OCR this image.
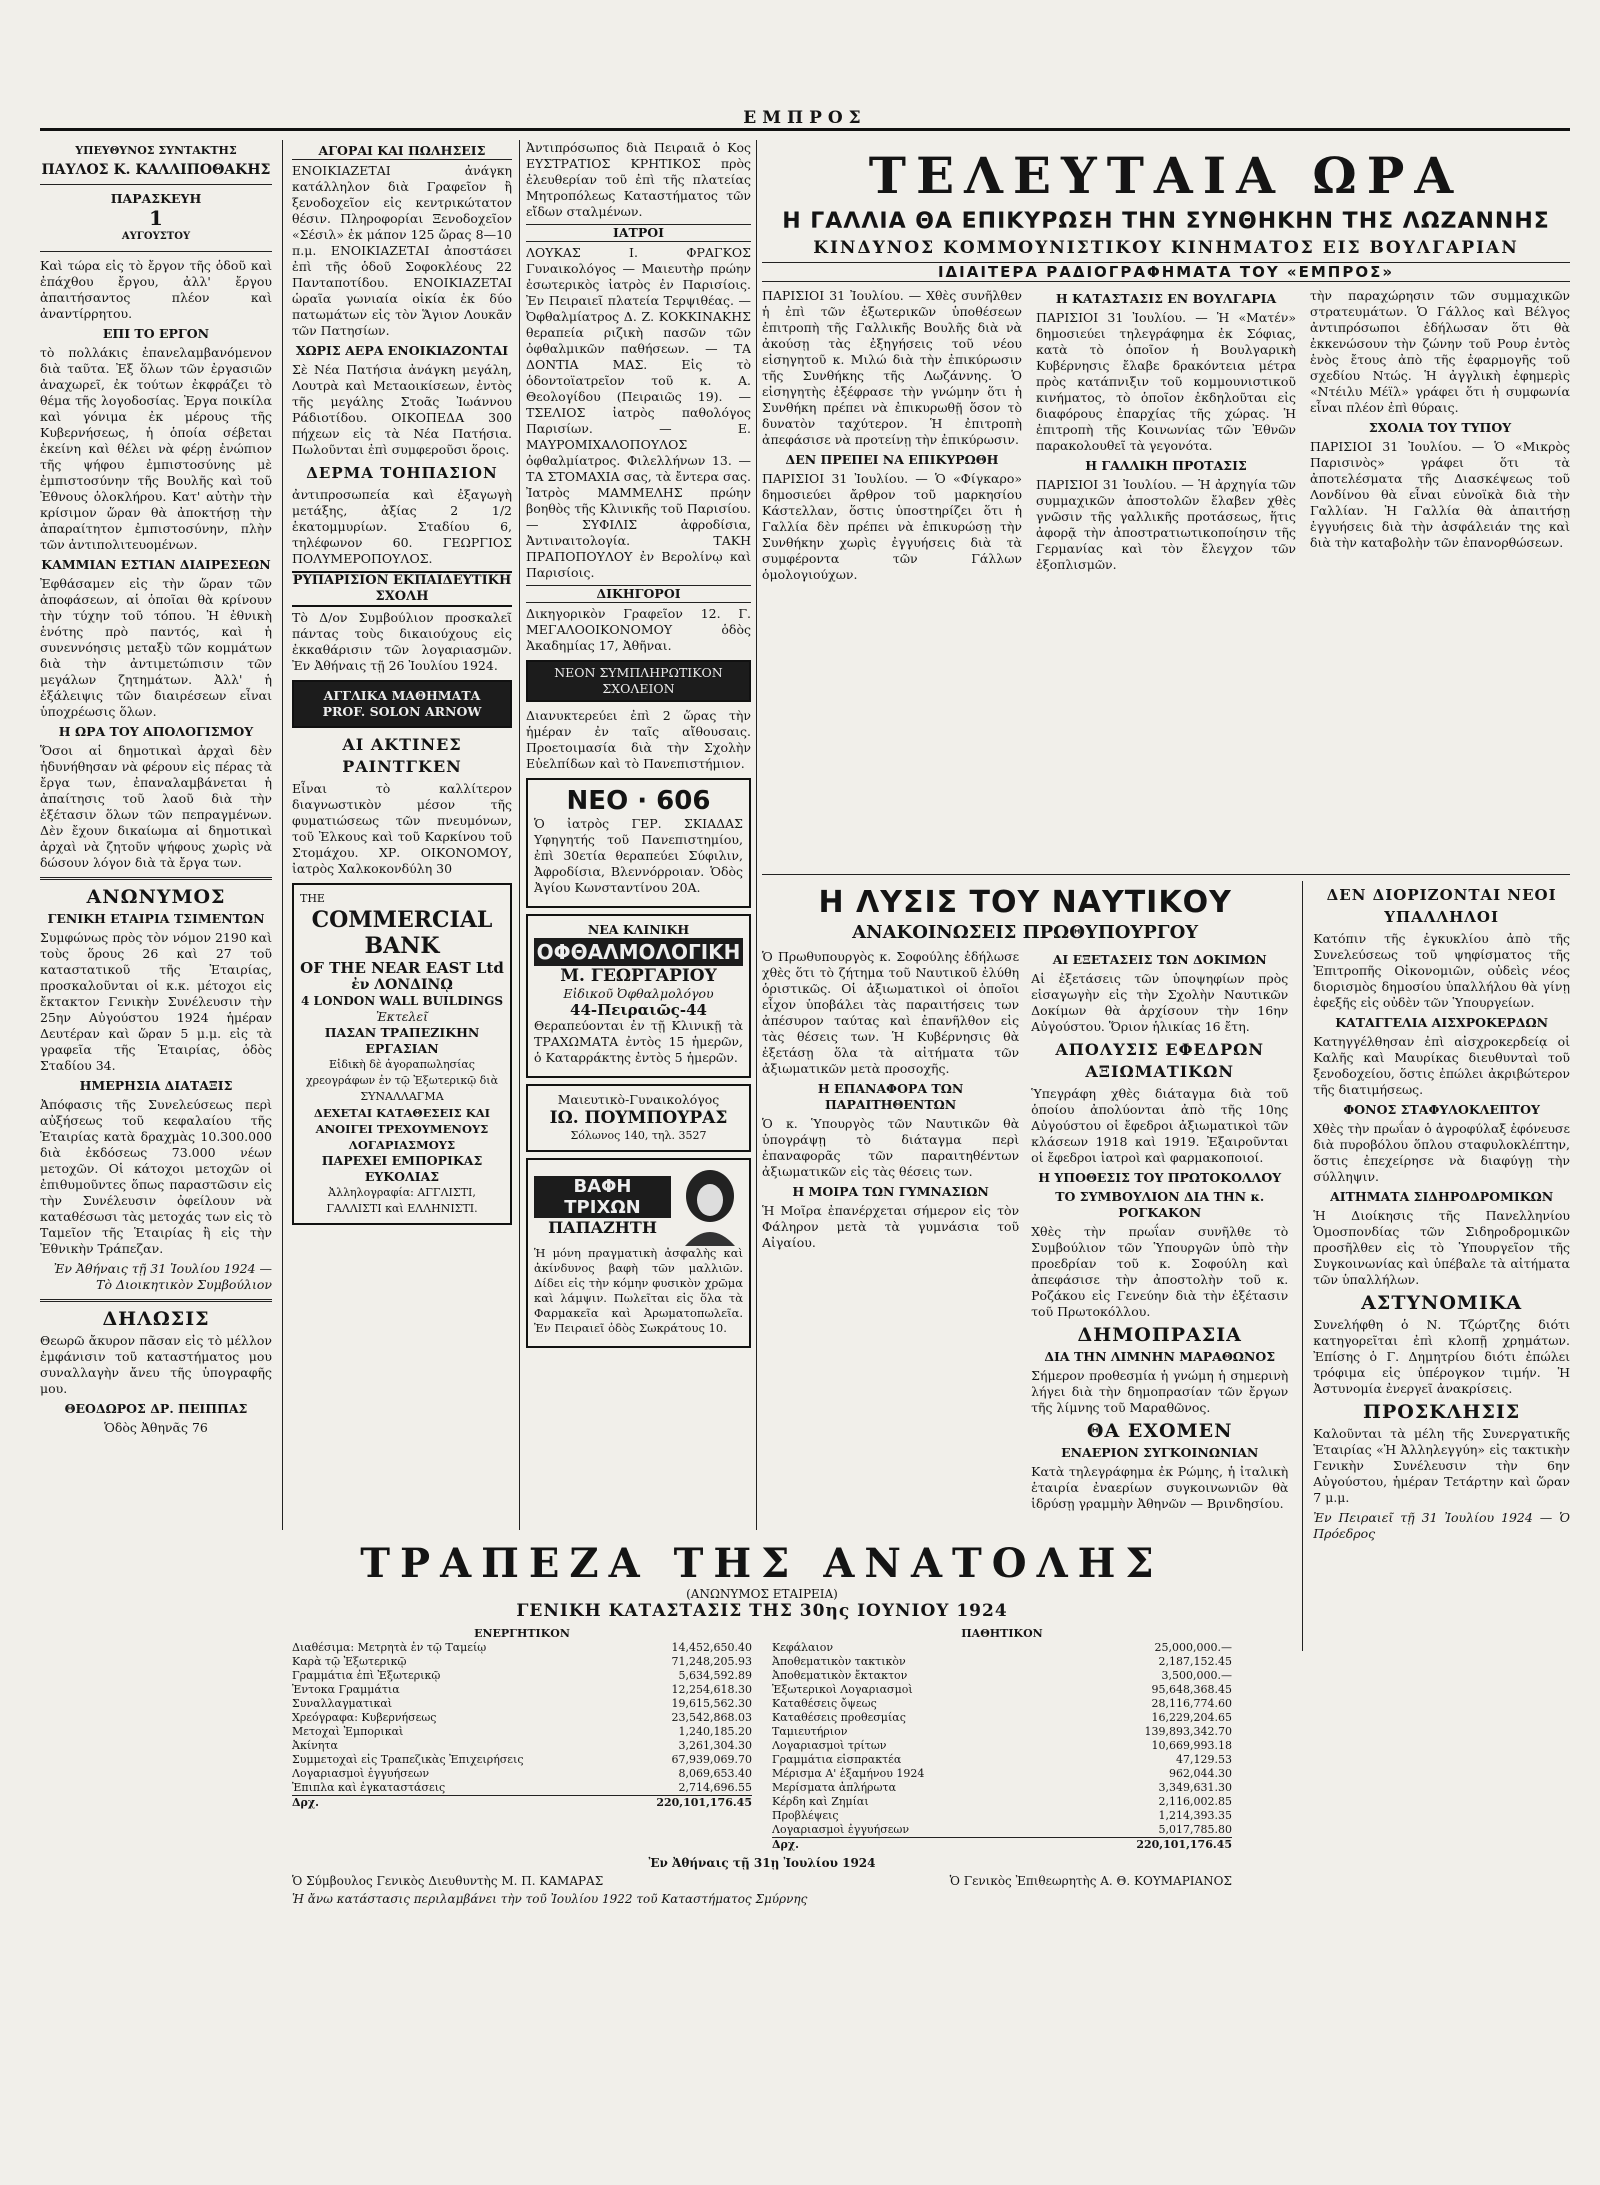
ΕΜΠΡΟΣ
ΥΠΕΥΘΥΝΟΣ ΣΥΝΤΑΚΤΗΣ
ΠΑΥΛΟΣ Κ. ΚΑΛΛΙΠΟΘΑΚΗΣ
ΠΑΡΑΣΚΕΥΗ
1
ΑΥΓΟΥΣΤΟΥ

Καὶ τώρα εἰς τὸ ἔργον τῆς ὁδοῦ καὶ ἐπάχθου ἔργου, ἀλλ' ἔργου ἀπαιτήσαντος πλέον καὶ ἀναντίρρητου.

ΕΠΙ ΤΟ ΕΡΓΟΝ

τὸ πολλάκις ἐπανελαμβανόμενον διὰ ταῦτα. Ἐξ ὅλων τῶν ἐργασιῶν ἀναχωρεῖ, ἐκ τούτων ἐκφράζει τὸ θέμα τῆς λογοδοσίας. Ἐργα ποικίλα καὶ γόνιμα ἐκ μέρους τῆς Κυβερνήσεως, ἡ ὁποία σέβεται ἐκείνη καὶ θέλει νὰ φέρῃ ἐνώπιον τῆς ψήφου ἐμπιστοσύνης μὲ ἐμπιστοσύνην τῆς Βουλῆς καὶ τοῦ Ἐθνους ὁλοκλήρου. Κατ' αὐτὴν τὴν κρίσιμον ὥραν θὰ ἀποκτήσῃ τὴν ἀπαραίτητον ἐμπιστοσύνην, πλὴν τῶν ἀντιπολιτευομένων.

ΚΑΜΜΙΑΝ ΕΣΤΙΑΝ ΔΙΑΙΡΕΣΕΩΝ

Ἐφθάσαμεν εἰς τὴν ὥραν τῶν ἀποφάσεων, αἱ ὁποῖαι θὰ κρίνουν τὴν τύχην τοῦ τόπου. Ἡ ἐθνικὴ ἑνότης πρὸ παντός, καὶ ἡ συνεννόησις μεταξὺ τῶν κομμάτων διὰ τὴν ἀντιμετώπισιν τῶν μεγάλων ζητημάτων. Ἀλλ' ἡ ἐξάλειψις τῶν διαιρέσεων εἶναι ὑποχρέωσις ὅλων.

Η ΩΡΑ ΤΟΥ ΑΠΟΛΟΓΙΣΜΟΥ

Ὅσοι αἱ δημοτικαὶ ἀρχαὶ δὲν ἠδυνήθησαν νὰ φέρουν εἰς πέρας τὰ ἔργα των, ἐπαναλαμβάνεται ἡ ἀπαίτησις τοῦ λαοῦ διὰ τὴν ἐξέτασιν ὅλων τῶν πεπραγμένων. Δὲν ἔχουν δικαίωμα αἱ δημοτικαὶ ἀρχαὶ νὰ ζητοῦν ψήφους χωρὶς νὰ δώσουν λόγον διὰ τὰ ἔργα των.

ΑΝΩΝΥΜΟΣ
ΓΕΝΙΚΗ ΕΤΑΙΡΙΑ ΤΣΙΜΕΝΤΩΝ

Συμφώνως πρὸς τὸν νόμον 2190 καὶ τοὺς ὅρους 26 καὶ 27 τοῦ καταστατικοῦ τῆς Ἑταιρίας, προσκαλοῦνται οἱ κ.κ. μέτοχοι εἰς ἔκτακτον Γενικὴν Συνέλευσιν τὴν 25ην Αὐγούστου 1924 ἡμέραν Δευτέραν καὶ ὥραν 5 μ.μ. εἰς τὰ γραφεῖα τῆς Ἑταιρίας, ὁδὸς Σταδίου 34.

ΗΜΕΡΗΣΙΑ ΔΙΑΤΑΞΙΣ

Ἀπόφασις τῆς Συνελεύσεως περὶ αὐξήσεως τοῦ κεφαλαίου τῆς Ἑταιρίας κατὰ δραχμὰς 10.300.000 διὰ ἐκδόσεως 73.000 νέων μετοχῶν. Οἱ κάτοχοι μετοχῶν οἱ ἐπιθυμοῦντες ὅπως παραστῶσιν εἰς τὴν Συνέλευσιν ὀφείλουν νὰ καταθέσωσι τὰς μετοχάς των εἰς τὸ Ταμεῖον τῆς Ἑταιρίας ἢ εἰς τὴν Ἐθνικὴν Τράπεζαν.

Ἐν Ἀθήναις τῇ 31 Ἰουλίου 1924 — Τὸ Διοικητικὸν Συμβούλιον

ΔΗΛΩΣΙΣ

Θεωρῶ ἄκυρον πᾶσαν εἰς τὸ μέλλον ἐμφάνισιν τοῦ καταστήματος μου συναλλαγὴν ἄνευ τῆς ὑπογραφῆς μου.

ΘΕΟΔΩΡΟΣ ΔΡ. ΠΕΙΠΠΑΣ
Ὁδὸς Ἀθηνᾶς 76
ΑΓΟΡΑΙ ΚΑΙ ΠΩΛΗΣΕΙΣ

ΕΝΟΙΚΙΑΖΕΤΑΙ ἀνάγκη κατάλληλον διὰ Γραφεῖον ἢ ξενοδοχεῖον εἰς κεντρικώτατον θέσιν. Πληροφορίαι Ξενοδοχεῖον «Σέσιλ» ἐκ μάπον 125 ὥρας 8—10 π.μ. ΕΝΟΙΚΙΑΖΕΤΑΙ ἀποστάσει ἐπὶ τῆς ὁδοῦ Σοφοκλέους 22 Πανταποτίδου. ΕΝΟΙΚΙΑΖΕΤΑΙ ὡραῖα γωνιαία οἰκία ἐκ δύο πατωμάτων εἰς τὸν Ἅγιον Λουκᾶν τῶν Πατησίων.

ΧΩΡΙΣ ΑΕΡΑ ΕΝΟΙΚΙΑΖΟΝΤΑΙ

Σὲ Νέα Πατήσια ἀνάγκη μεγάλη, Λουτρὰ καὶ Μεταοικίσεων, ἐντὸς τῆς μεγάλης Στοᾶς Ἰωάννου Ράδιοτίδου. ΟΙΚΟΠΕΔΑ 300 πήχεων εἰς τὰ Νέα Πατήσια. Πωλοῦνται ἐπὶ συμφεροῦσι ὅροις.

ΔΕΡΜΑ ΤΟΗΠΑΣΙΟΝ

ἀντιπροσωπεία καὶ ἐξαγωγὴ μετάξης, ἀξίας 2 1/2 ἑκατομμυρίων. Σταδίου 6, τηλέφωνον 60. ΓΕΩΡΓΙΟΣ ΠΟΛΥΜΕΡΟΠΟΥΛΟΣ.

ΡΥΠΑΡΙΣΙΟΝ ΕΚΠΑΙΔΕΥΤΙΚΗ ΣΧΟΛΗ

Τὸ Δ/ον Συμβούλιον προσκαλεῖ πάντας τοὺς δικαιούχους εἰς ἐκκαθάρισιν τῶν λογαριασμῶν. Ἐν Ἀθήναις τῇ 26 Ἰουλίου 1924.

ΑΓΓΛΙΚΑ ΜΑΘΗΜΑΤΑ
PROF. SOLON ARNOW
ΑΙ ΑΚΤΙΝΕΣ ΡΑΙΝΤΓΚΕΝ

Εἶναι τὸ καλλίτερον διαγνωστικὸν μέσον τῆς φυματιώσεως τῶν πνευμόνων, τοῦ Ἐλκους καὶ τοῦ Καρκίνου τοῦ Στομάχου. ΧΡ. ΟΙΚΟΝΟΜΟΥ, ἰατρὸς Χαλκοκονδύλη 30

THE
COMMERCIAL BANK
OF THE NEAR EAST Ltd
ἐν ΛΟΝΔΙΝῼ
4 LONDON WALL BUILDINGS
Ἐκτελεῖ
ΠΑΣΑΝ ΤΡΑΠΕΖΙΚΗΝ ΕΡΓΑΣΙΑΝ
Εἰδικὴ δὲ ἀγοραπωλησίας χρεογράφων ἐν τῷ Ἐξωτερικῷ διὰ ΣΥΝΑΛΛΑΓΜΑ
ΔΕΧΕΤΑΙ ΚΑΤΑΘΕΣΕΙΣ ΚΑΙ ΑΝΟΙΓΕΙ ΤΡΕΧΟΥΜΕΝΟΥΣ ΛΟΓΑΡΙΑΣΜΟΥΣ
ΠΑΡΕΧΕΙ ΕΜΠΟΡΙΚΑΣ ΕΥΚΟΛΙΑΣ
Ἀλληλογραφία: ΑΓΓΛΙΣΤΙ, ΓΑΛΛΙΣΤΙ καὶ ΕΛΛΗΝΙΣΤΙ.

Ἀντιπρόσωπος διὰ Πειραιᾶ ὁ Κος ΕΥΣΤΡΑΤΙΟΣ ΚΡΗΤΙΚΟΣ πρὸς ἐλευθερίαν τοῦ ἐπὶ τῆς πλατείας Μητροπόλεως Καταστήματος τῶν εἴδων σταλμένων.

ΙΑΤΡΟΙ

ΛΟΥΚΑΣ Ι. ΦΡΑΓΚΟΣ Γυναικολόγος — Μαιευτὴρ πρώην ἐσωτερικὸς ἰατρὸς ἐν Παρισίοις. Ἐν Πειραιεῖ πλατεία Τερψιθέας. — Ὀφθαλμίατρος Δ. Ζ. ΚΟΚΚΙΝΑΚΗΣ θεραπεία ριζικὴ πασῶν τῶν ὀφθαλμικῶν παθήσεων. — ΤΑ ΔΟΝΤΙΑ ΜΑΣ. Εἰς τὸ ὁδοντοϊατρεῖον τοῦ κ. Α. Θεολογίδου (Πειραιῶς 19). — ΤΣΕΛΙΟΣ ἰατρὸς παθολόγος Παρισίων. — Ε. ΜΑΥΡΟΜΙΧΑΛΟΠΟΥΛΟΣ ὀφθαλμίατρος. Φιλελλήνων 13. — ΤΑ ΣΤΟΜΑΧΙΑ σας, τὰ ἔντερα σας. Ἰατρὸς ΜΑΜΜΕΛΗΣ πρώην βοηθὸς τῆς Κλινικῆς τοῦ Παρισίου. — ΣΥΦΙΛΙΣ ἀφροδίσια, Ἀντιναιτολογία. ΤΑΚΗ ΠΡΑΠΟΠΟΥΛΟΥ ἐν Βερολίνῳ καὶ Παρισίοις.

ΔΙΚΗΓΟΡΟΙ

Δικηγορικὸν Γραφεῖον 12. Γ. ΜΕΓΑΛΟΟΙΚΟΝΟΜΟΥ ὁδὸς Ἀκαδημίας 17, Ἀθῆναι.

ΝΕΟΝ ΣΥΜΠΛΗΡΩΤΙΚΟΝ ΣΧΟΛΕΙΟΝ

Διανυκτερεύει ἐπὶ 2 ὥρας τὴν ἡμέραν ἐν ταῖς αἴθουσαις. Προετοιμασία διὰ τὴν Σχολὴν Εὐελπίδων καὶ τὸ Πανεπιστήμιον.

ΝΕΟ · 606
Ὁ ἰατρὸς ΓΕΡ. ΣΚΙΑΔΑΣ Υφηγητής τοῦ Πανεπιστημίου, ἐπὶ 30ετία θεραπεύει Σύφιλιν, Ἀφροδίσια, Βλεννόρροιαν. Ὁδὸς Ἀγίου Κωνσταντίνου 20Α.
ΝΕΑ ΚΛΙΝΙΚΗ
ΟΦΘΑΛΜΟΛΟΓΙΚΗ
Μ. ΓΕΩΡΓΑΡΙΟΥ
Εἰδικοῦ Ὀφθαλμολόγου
44-Πειραιῶς-44
Θεραπεύονται ἐν τῇ Κλινικῇ τὰ ΤΡΑΧΩΜΑΤΑ ἐντὸς 15 ἡμερῶν, ὁ Καταρράκτης ἐντὸς 5 ἡμερῶν.
Μαιευτικὸ-Γυναικολόγος
ΙΩ. ΠΟΥΜΠΟΥΡΑΣ
Σόλωνος 140, τηλ. 3527
ΒΑΦΗ ΤΡΙΧΩΝ
ΠΑΠΑΖΗΤΗ
Ἡ μόνη πραγματικὴ ἀσφαλὴς καὶ ἀκίνδυνος βαφὴ τῶν μαλλιῶν. Δίδει εἰς τὴν κόμην φυσικὸν χρῶμα καὶ λάμψιν. Πωλεῖται εἰς ὅλα τὰ Φαρμακεῖα καὶ Ἀρωματοπωλεῖα. Ἐν Πειραιεῖ ὁδὸς Σωκράτους 10.
ΤΕΛΕΥΤΑΙΑ ΩΡΑ
Η ΓΑΛΛΙΑ ΘΑ ΕΠΙΚΥΡΩΣΗ ΤΗΝ ΣΥΝΘΗΚΗΝ ΤΗΣ ΛΩΖΑΝΝΗΣ
ΚΙΝΔΥΝΟΣ ΚΟΜΜΟΥΝΙΣΤΙΚΟΥ ΚΙΝΗΜΑΤΟΣ ΕΙΣ ΒΟΥΛΓΑΡΙΑΝ
ΙΔΙΑΙΤΕΡΑ ΡΑΔΙΟΓΡΑΦΗΜΑΤΑ ΤΟΥ «ΕΜΠΡΟΣ»

ΠΑΡΙΣΙΟΙ 31 Ἰουλίου. — Χθὲς συνῆλθεν ἡ ἐπὶ τῶν ἐξωτερικῶν ὑποθέσεων ἐπιτροπὴ τῆς Γαλλικῆς Βουλῆς διὰ νὰ ἀκούσῃ τὰς ἐξηγήσεις τοῦ νέου εἰσηγητοῦ κ. Μιλώ διὰ τὴν ἐπικύρωσιν τῆς Συνθήκης τῆς Λωζάννης. Ὁ εἰσηγητὴς ἐξέφρασε τὴν γνώμην ὅτι ἡ Συνθήκη πρέπει νὰ ἐπικυρωθῇ ὅσον τὸ δυνατὸν ταχύτερον. Ἡ ἐπιτροπὴ ἀπεφάσισε νὰ προτείνῃ τὴν ἐπικύρωσιν.

ΔΕΝ ΠΡΕΠΕΙ ΝΑ ΕΠΙΚΥΡΩΘΗ

ΠΑΡΙΣΙΟΙ 31 Ἰουλίου. — Ὁ «Φίγκαρο» δημοσιεύει ἄρθρον τοῦ μαρκησίου Κάστελλαν, ὅστις ὑποστηρίζει ὅτι ἡ Γαλλία δὲν πρέπει νὰ ἐπικυρώσῃ τὴν Συνθήκην χωρὶς ἐγγυήσεις διὰ τὰ συμφέροντα τῶν Γάλλων ὁμολογιούχων.

Η ΚΑΤΑΣΤΑΣΙΣ ΕΝ ΒΟΥΛΓΑΡΙΑ

ΠΑΡΙΣΙΟΙ 31 Ἰουλίου. — Ἡ «Ματέν» δημοσιεύει τηλεγράφημα ἐκ Σόφιας, κατὰ τὸ ὁποῖον ἡ Βουλγαρικὴ Κυβέρνησις ἔλαβε δρακόντεια μέτρα πρὸς κατάπνιξιν τοῦ κομμουνιστικοῦ κινήματος, τὸ ὁποῖον ἐκδηλοῦται εἰς διαφόρους ἐπαρχίας τῆς χώρας. Ἡ ἐπιτροπὴ τῆς Κοινωνίας τῶν Ἐθνῶν παρακολουθεῖ τὰ γεγονότα.

Η ΓΑΛΛΙΚΗ ΠΡΟΤΑΣΙΣ

ΠΑΡΙΣΙΟΙ 31 Ἰουλίου. — Ἡ ἀρχηγία τῶν συμμαχικῶν ἀποστολῶν ἔλαβεν χθὲς γνῶσιν τῆς γαλλικῆς προτάσεως, ἥτις ἀφορᾷ τὴν ἀποστρατιωτικοποίησιν τῆς Γερμανίας καὶ τὸν ἔλεγχον τῶν ἐξοπλισμῶν.

τὴν παραχώρησιν τῶν συμμαχικῶν στρατευμάτων. Ὁ Γάλλος καὶ Βέλγος ἀντιπρόσωποι ἐδήλωσαν ὅτι θὰ ἐκκενώσουν τὴν ζώνην τοῦ Ρουρ ἐντὸς ἑνὸς ἔτους ἀπὸ τῆς ἐφαρμογῆς τοῦ σχεδίου Ντώς. Ἡ ἀγγλικὴ ἐφημερὶς «Ντέιλυ Μέϊλ» γράφει ὅτι ἡ συμφωνία εἶναι πλέον ἐπὶ θύραις.

ΣΧΟΛΙΑ ΤΟΥ ΤΥΠΟΥ

ΠΑΡΙΣΙΟΙ 31 Ἰουλίου. — Ὁ «Μικρὸς Παρισινὸς» γράφει ὅτι τὰ ἀποτελέσματα τῆς Διασκέψεως τοῦ Λονδίνου θὰ εἶναι εὐνοϊκὰ διὰ τὴν Γαλλίαν. Ἡ Γαλλία θὰ ἀπαιτήσῃ ἐγγυήσεις διὰ τὴν ἀσφάλειάν της καὶ διὰ τὴν καταβολὴν τῶν ἐπανορθώσεων.

Η ΛΥΣΙΣ ΤΟΥ ΝΑΥΤΙΚΟΥ
ΑΝΑΚΟΙΝΩΣΕΙΣ ΠΡΩΘΥΠΟΥΡΓΟΥ

Ὁ Πρωθυπουργὸς κ. Σοφούλης ἐδήλωσε χθὲς ὅτι τὸ ζήτημα τοῦ Ναυτικοῦ ἐλύθη ὁριστικῶς. Οἱ ἀξιωματικοὶ οἱ ὁποῖοι εἶχον ὑποβάλει τὰς παραιτήσεις των ἀπέσυρον ταύτας καὶ ἐπανῆλθον εἰς τὰς θέσεις των. Ἡ Κυβέρνησις θὰ ἐξετάσῃ ὅλα τὰ αἰτήματα τῶν ἀξιωματικῶν μετὰ προσοχῆς.

Η ΕΠΑΝΑΦΟΡΑ ΤΩΝ ΠΑΡΑΙΤΗΘΕΝΤΩΝ

Ὁ κ. Ὑπουργὸς τῶν Ναυτικῶν θὰ ὑπογράψῃ τὸ διάταγμα περὶ ἐπαναφορᾶς τῶν παραιτηθέντων ἀξιωματικῶν εἰς τὰς θέσεις των.

Η ΜΟΙΡΑ ΤΩΝ ΓΥΜΝΑΣΙΩΝ

Ἡ Μοῖρα ἐπανέρχεται σήμερον εἰς τὸν Φάληρον μετὰ τὰ γυμνάσια τοῦ Αἰγαίου.

ΑΙ ΕΞΕΤΑΣΕΙΣ ΤΩΝ ΔΟΚΙΜΩΝ

Αἱ ἐξετάσεις τῶν ὑποψηφίων πρὸς εἰσαγωγὴν εἰς τὴν Σχολὴν Ναυτικῶν Δοκίμων θὰ ἀρχίσουν τὴν 16ην Αὐγούστου. Ὅριον ἡλικίας 16 ἔτη.

ΑΠΟΛΥΣΙΣ ΕΦΕΔΡΩΝ ΑΞΙΩΜΑΤΙΚΩΝ

Ὑπεγράφη χθὲς διάταγμα διὰ τοῦ ὁποίου ἀπολύονται ἀπὸ τῆς 10ης Αὐγούστου οἱ ἔφεδροι ἀξιωματικοὶ τῶν κλάσεων 1918 καὶ 1919. Ἐξαιροῦνται οἱ ἔφεδροι ἰατροὶ καὶ φαρμακοποιοί.

Η ΥΠΟΘΕΣΙΣ ΤΟΥ ΠΡΩΤΟΚΟΛΛΟΥ
ΤΟ ΣΥΜΒΟΥΛΙΟΝ ΔΙΑ ΤΗΝ κ. ΡΟΓΚΑΚΟΝ

Χθὲς τὴν πρωΐαν συνῆλθε τὸ Συμβούλιον τῶν Ὑπουργῶν ὑπὸ τὴν προεδρίαν τοῦ κ. Σοφούλη καὶ ἀπεφάσισε τὴν ἀποστολὴν τοῦ κ. Ροζάκου εἰς Γενεύην διὰ τὴν ἐξέτασιν τοῦ Πρωτοκόλλου.

ΔΗΜΟΠΡΑΣΙΑ
ΔΙΑ ΤΗΝ ΛΙΜΝΗΝ ΜΑΡΑΘΩΝΟΣ

Σήμερον προθεσμία ἡ γνώμη ἡ σημερινὴ λήγει διὰ τὴν δημοπρασίαν τῶν ἔργων τῆς λίμνης τοῦ Μαραθῶνος.

ΘΑ ΕΧΟΜΕΝ
ΕΝΑΕΡΙΟΝ ΣΥΓΚΟΙΝΩΝΙΑΝ

Κατὰ τηλεγράφημα ἐκ Ρώμης, ἡ ἰταλικὴ ἑταιρία ἐναερίων συγκοινωνιῶν θὰ ἱδρύσῃ γραμμὴν Ἀθηνῶν — Βρινδησίου.

ΔΕΝ ΔΙΟΡΙΖΟΝΤΑΙ ΝΕΟΙ ΥΠΑΛΛΗΛΟΙ

Κατόπιν τῆς ἐγκυκλίου ἀπὸ τῆς Συνελεύσεως τοῦ ψηφίσματος τῆς Ἐπιτροπῆς Οἰκονομιῶν, οὐδεὶς νέος διορισμὸς δημοσίου ὑπαλλήλου θὰ γίνῃ ἐφεξῆς εἰς οὐδὲν τῶν Ὑπουργείων.

ΚΑΤΑΓΓΕΛΙΑ ΑΙΣΧΡΟΚΕΡΔΩΝ

Κατηγγέλθησαν ἐπὶ αἰσχροκερδείᾳ οἱ Καλῆς καὶ Μαυρίκας διευθυνταὶ τοῦ ξενοδοχείου, ὅστις ἐπώλει ἀκριβώτερον τῆς διατιμήσεως.

ΦΟΝΟΣ ΣΤΑΦΥΛΟΚΛΕΠΤΟΥ

Χθὲς τὴν πρωΐαν ὁ ἀγροφύλαξ ἐφόνευσε διὰ πυροβόλου ὅπλου σταφυλοκλέπτην, ὅστις ἐπεχείρησε νὰ διαφύγῃ τὴν σύλληψιν.

ΑΙΤΗΜΑΤΑ ΣΙΔΗΡΟΔΡΟΜΙΚΩΝ

Ἡ Διοίκησις τῆς Πανελληνίου Ὁμοσπονδίας τῶν Σιδηροδρομικῶν προσῆλθεν εἰς τὸ Ὑπουργεῖον τῆς Συγκοινωνίας καὶ ὑπέβαλε τὰ αἰτήματα τῶν ὑπαλλήλων.

ΑΣΤΥΝΟΜΙΚΑ

Συνελήφθη ὁ Ν. Τζώρτζης διότι κατηγορεῖται ἐπὶ κλοπῇ χρημάτων. Ἐπίσης ὁ Γ. Δημητρίου διότι ἐπώλει τρόφιμα εἰς ὑπέρογκον τιμήν. Ἡ Ἀστυνομία ἐνεργεῖ ἀνακρίσεις.

ΠΡΟΣΚΛΗΣΙΣ

Καλοῦνται τὰ μέλη τῆς Συνεργατικῆς Ἑταιρίας «Ἡ Ἀλληλεγγύη» εἰς τακτικὴν Γενικὴν Συνέλευσιν τὴν 6ην Αὐγούστου, ἡμέραν Τετάρτην καὶ ὥραν 7 μ.μ.

Ἐν Πειραιεῖ τῇ 31 Ἰουλίου 1924 — Ὁ Πρόεδρος

ΤΡΑΠΕΖΑ ΤΗΣ ΑΝΑΤΟΛΗΣ
(ΑΝΩΝΥΜΟΣ ΕΤΑΙΡΕΙΑ)
ΓΕΝΙΚΗ ΚΑΤΑΣΤΑΣΙΣ ΤΗΣ 30ης ΙΟΥΝΙΟΥ 1924
ΕΝΕΡΓΗΤΙΚΟΝ
Διαθέσιμα: Μετρητὰ ἐν τῷ Ταμείῳ	14,452,650.40
Καρὰ τῷ Ἐξωτερικῷ	71,248,205.93
Γραμμάτια ἐπὶ Ἐξωτερικῷ	5,634,592.89
Ἐντοκα Γραμμάτια	12,254,618.30
Συναλλαγματικαὶ	19,615,562.30
Χρεόγραφα: Κυβερνήσεως	23,542,868.03
Μετοχαὶ Ἐμπορικαὶ	1,240,185.20
Ἀκίνητα	3,261,304.30
Συμμετοχαὶ εἰς Τραπεζικὰς Ἐπιχειρήσεις	67,939,069.70
Λογαριασμοὶ ἐγγυήσεων	8,069,653.40
Ἐπιπλα καὶ ἐγκαταστάσεις	2,714,696.55
Δρχ.	220,101,176.45
ΠΑΘΗΤΙΚΟΝ
Κεφάλαιον	25,000,000.—
Ἀποθεματικὸν τακτικὸν	2,187,152.45
Ἀποθεματικὸν ἔκτακτον	3,500,000.—
Ἐξωτερικοὶ Λογαριασμοὶ	95,648,368.45
Καταθέσεις ὄψεως	28,116,774.60
Καταθέσεις προθεσμίας	16,229,204.65
Ταμιευτήριον	139,893,342.70
Λογαριασμοὶ τρίτων	10,669,993.18
Γραμμάτια εἰσπρακτέα	47,129.53
Μέρισμα Α' ἑξαμήνου 1924	962,044.30
Μερίσματα ἀπλήρωτα	3,349,631.30
Κέρδη καὶ Ζημίαι	2,116,002.85
Προβλέψεις	1,214,393.35
Λογαριασμοὶ ἐγγυήσεων	5,017,785.80
Δρχ.	220,101,176.45
Ἐν Ἀθήναις τῇ 31ῃ Ἰουλίου 1924
Ὁ Σύμβουλος Γενικὸς Διευθυντὴς Μ. Π. ΚΑΜΑΡΑΣ	Ὁ Γενικὸς Ἐπιθεωρητὴς Α. Θ. ΚΟΥΜΑΡΙΑΝΟΣ
Ἡ ἄνω κατάστασις περιλαμβάνει τὴν τοῦ Ἰουλίου 1922 τοῦ Καταστήματος Σμύρνης
